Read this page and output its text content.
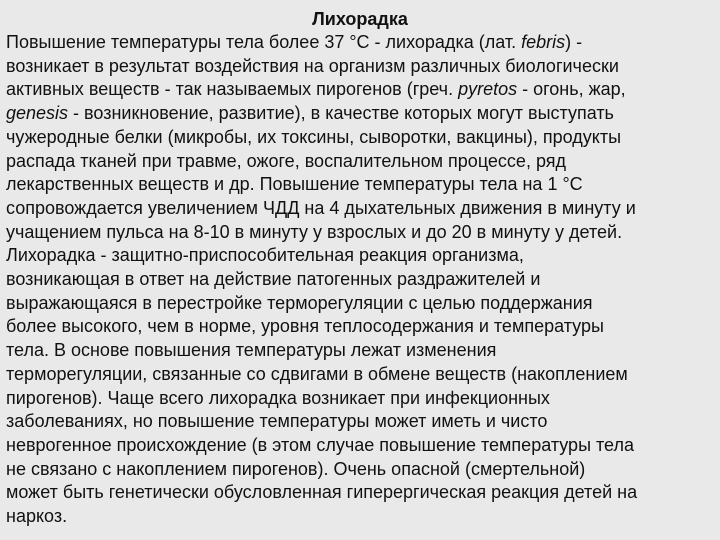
Лихорадка
Повышение температуры тела более 37 °С - лихорадка (лат. febris) -
возникает в результат воздействия на организм различных биологически
активных веществ - так называемых пирогенов (греч. pyretos - огонь, жар,
genesis - возникновение, развитие), в качестве которых могут выступать
чужеродные белки (микробы, их токсины, сыворотки, вакцины), продукты
распада тканей при травме, ожоге, воспалительном процессе, ряд
лекарственных веществ и др. Повышение температуры тела на 1 °С
сопровождается увеличением ЧДД на 4 дыхательных движения в минуту и
учащением пульса на 8-10 в минуту у взрослых и до 20 в минуту у детей.
Лихорадка - защитно-приспособительная реакция организма,
возникающая в ответ на действие патогенных раздражителей и
выражающаяся в перестройке терморегуляции с целью поддержания
более высокого, чем в норме, уровня теплосодержания и температуры
тела. В основе повышения температуры лежат изменения
терморегуляции, связанные со сдвигами в обмене веществ (накоплением
пирогенов). Чаще всего лихорадка возникает при инфекционных
заболеваниях, но повышение температуры может иметь и чисто
неврогенное происхождение (в этом случае повышение температуры тела
не связано с накоплением пирогенов). Очень опасной (смертельной)
может быть генетически обусловленная гиперергическая реакция детей на
наркоз.
